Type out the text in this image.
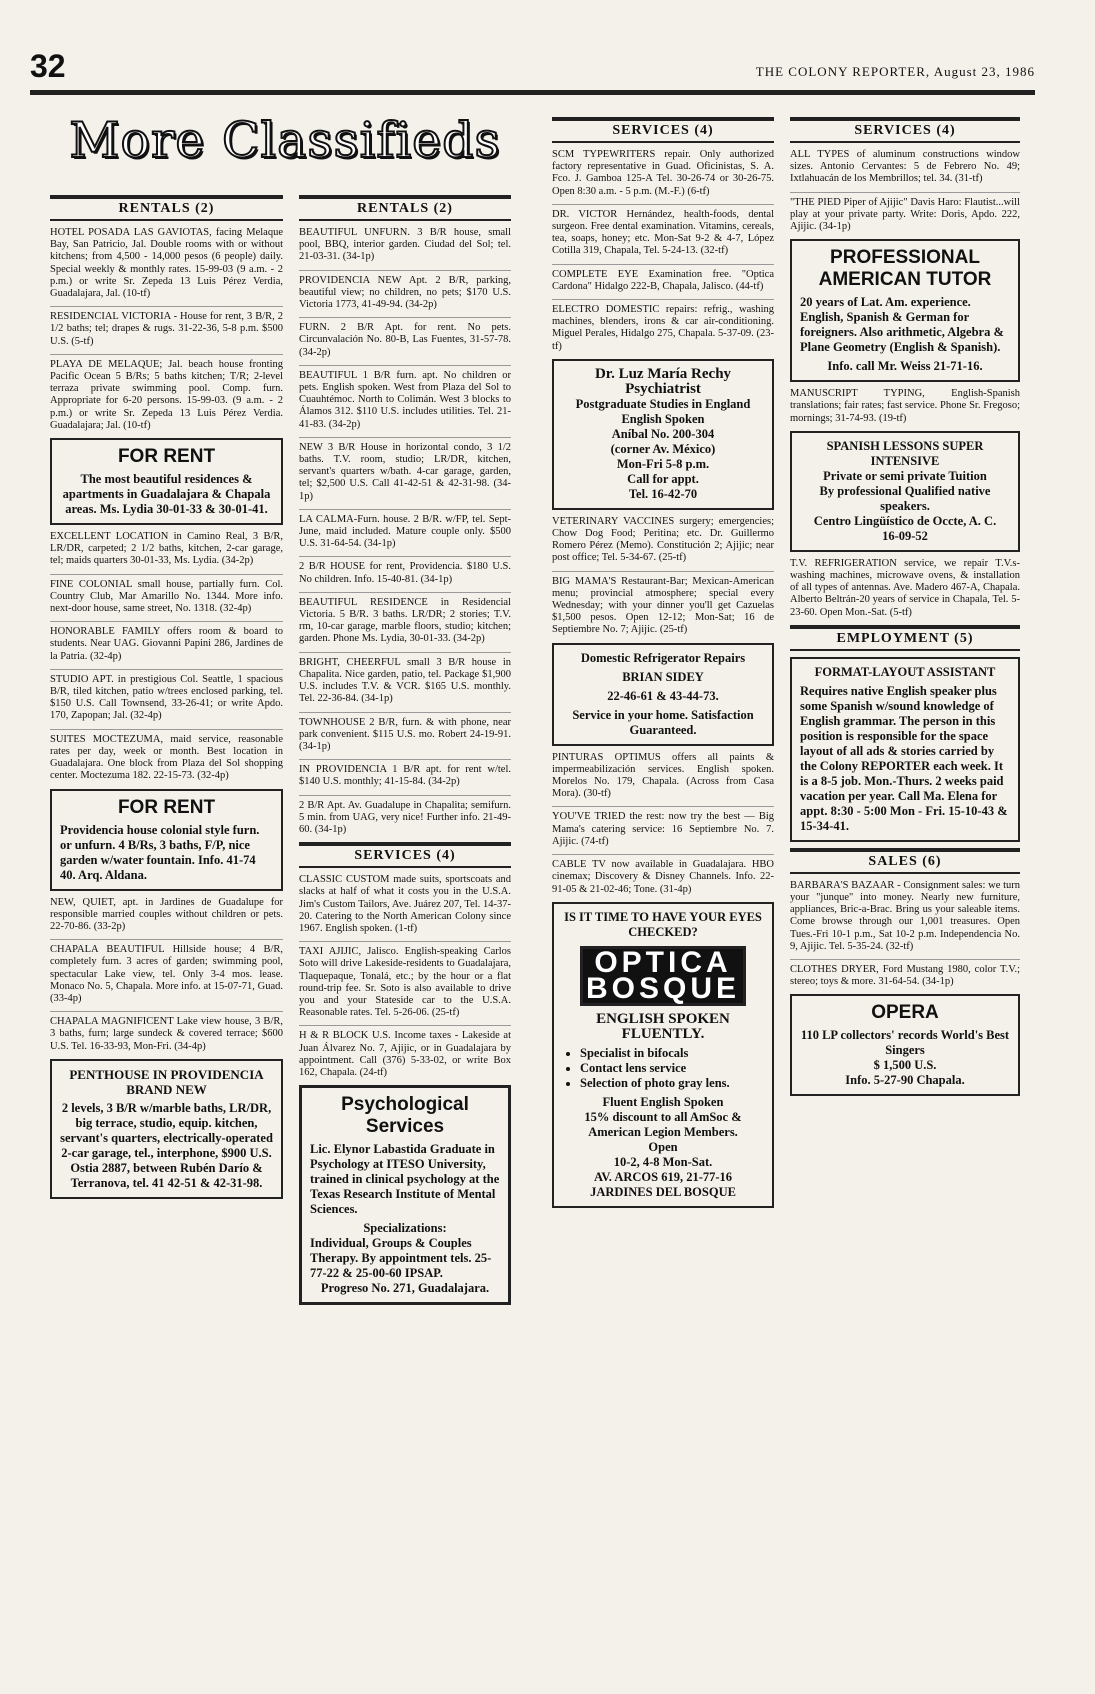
32	THE COLONY REPORTER, August 23, 1986
More Classifieds
RENTALS (2)

HOTEL POSADA LAS GAVIOTAS, facing Melaque Bay, San Patricio, Jal. Double rooms with or without kitchens; from 4,500 - 14,000 pesos (6 people) daily. Special weekly & monthly rates. 15-99-03 (9 a.m. - 2 p.m.) or write Sr. Zepeda 13 Luis Pérez Verdia, Guadalajara, Jal. (10-tf)

RESIDENCIAL VICTORIA - House for rent, 3 B/R, 2 1/2 baths; tel; drapes & rugs. 31-22-36, 5-8 p.m. $500 U.S. (5-tf)

PLAYA DE MELAQUE; Jal. beach house fronting Pacific Ocean 5 B/Rs; 5 baths kitchen; T/R; 2-level terraza private swimming pool. Comp. furn. Appropriate for 6-20 persons. 15-99-03. (9 a.m. - 2 p.m.) or write Sr. Zepeda 13 Luis Pérez Verdia. Guadalajara; Jal. (10-tf)

FOR RENT
The most beautiful residences & apartments in Guadalajara & Chapala areas. Ms. Lydia 30-01-33 & 30-01-41.

EXCELLENT LOCATION in Camino Real, 3 B/R, LR/DR, carpeted; 2 1/2 baths, kitchen, 2-car garage, tel; maids quarters 30-01-33, Ms. Lydia. (34-2p)

FINE COLONIAL small house, partially furn. Col. Country Club, Mar Amarillo No. 1344. More info. next-door house, same street, No. 1318. (32-4p)

HONORABLE FAMILY offers room & board to students. Near UAG. Giovanni Papini 286, Jardines de la Patria. (32-4p)

STUDIO APT. in prestigious Col. Seattle, 1 spacious B/R, tiled kitchen, patio w/trees enclosed parking, tel. $150 U.S. Call Townsend, 33-26-41; or write Apdo. 170, Zapopan; Jal. (32-4p)

SUITES MOCTEZUMA, maid service, reasonable rates per day, week or month. Best location in Guadalajara. One block from Plaza del Sol shopping center. Moctezuma 182. 22-15-73. (32-4p)

FOR RENT
Providencia house colonial style furn. or unfurn. 4 B/Rs, 3 baths, F/P, nice garden w/water fountain. Info. 41-74 40. Arq. Aldana.

NEW, QUIET, apt. in Jardines de Guadalupe for responsible married couples without children or pets. 22-70-86. (33-2p)

CHAPALA BEAUTIFUL Hillside house; 4 B/R, completely furn. 3 acres of garden; swimming pool, spectacular Lake view, tel. Only 3-4 mos. lease. Monaco No. 5, Chapala. More info. at 15-07-71, Guad. (33-4p)

CHAPALA MAGNIFICENT Lake view house, 3 B/R, 3 baths, furn; large sundeck & covered terrace; $600 U.S. Tel. 16-33-93, Mon-Fri. (34-4p)

PENTHOUSE IN PROVIDENCIA BRAND NEW
2 levels, 3 B/R w/marble baths, LR/DR, big terrace, studio, equip. kitchen, servant's quarters, electrically-operated 2-car garage, tel., interphone, $900 U.S. Ostia 2887, between Rubén Darío & Terranova, tel. 41 42-51 & 42-31-98.
RENTALS (2)

BEAUTIFUL UNFURN. 3 B/R house, small pool, BBQ, interior garden. Ciudad del Sol; tel. 21-03-31. (34-1p)

PROVIDENCIA NEW Apt. 2 B/R, parking, beautiful view; no children, no pets; $170 U.S. Victoria 1773, 41-49-94. (34-2p)

FURN. 2 B/R Apt. for rent. No pets. Circunvalación No. 80-B, Las Fuentes, 31-57-78. (34-2p)

BEAUTIFUL 1 B/R furn. apt. No children or pets. English spoken. West from Plaza del Sol to Cuauhtémoc. North to Colimán. West 3 blocks to Álamos 312. $110 U.S. includes utilities. Tel. 21-41-83. (34-2p)

NEW 3 B/R House in horizontal condo, 3 1/2 baths. T.V. room, studio; LR/DR, kitchen, servant's quarters w/bath. 4-car garage, garden, tel; $2,500 U.S. Call 41-42-51 & 42-31-98. (34-1p)

LA CALMA-Furn. house. 2 B/R. w/FP, tel. Sept-June, maid included. Mature couple only. $500 U.S. 31-64-54. (34-1p)

2 B/R HOUSE for rent, Providencia. $180 U.S. No children. Info. 15-40-81. (34-1p)

BEAUTIFUL RESIDENCE in Residencial Victoria. 5 B/R. 3 baths. LR/DR; 2 stories; T.V. rm, 10-car garage, marble floors, studio; kitchen; garden. Phone Ms. Lydia, 30-01-33. (34-2p)

BRIGHT, CHEERFUL small 3 B/R house in Chapalita. Nice garden, patio, tel. Package $1,900 U.S. includes T.V. & VCR. $165 U.S. monthly. Tel. 22-36-84. (34-1p)

TOWNHOUSE 2 B/R, furn. & with phone, near park convenient. $115 U.S. mo. Robert 24-19-91. (34-1p)

IN PROVIDENCIA 1 B/R apt. for rent w/tel. $140 U.S. monthly; 41-15-84. (34-2p)

2 B/R Apt. Av. Guadalupe in Chapalita; semifurn. 5 min. from UAG, very nice! Further info. 21-49-60. (34-1p)

SERVICES (4)

CLASSIC CUSTOM made suits, sportscoats and slacks at half of what it costs you in the U.S.A. Jim's Custom Tailors, Ave. Juárez 207, Tel. 14-37-20. Catering to the North American Colony since 1967. English spoken. (1-tf)

TAXI AJIJIC, Jalisco. English-speaking Carlos Soto will drive Lakeside-residents to Guadalajara, Tlaquepaque, Tonalá, etc.; by the hour or a flat round-trip fee. Sr. Soto is also available to drive you and your Stateside car to the U.S.A. Reasonable rates. Tel. 5-26-06. (25-tf)

H & R BLOCK U.S. Income taxes - Lakeside at Juan Álvarez No. 7, Ajijic, or in Guadalajara by appointment. Call (376) 5-33-02, or write Box 162, Chapala. (24-tf)

Psychological Services
Lic. Elynor Labastida Graduate in Psychology at ITESO University, trained in clinical psychology at the Texas Research Institute of Mental Sciences.
Specializations:
Individual, Groups & Couples Therapy. By appointment tels. 25-77-22 & 25-00-60 IPSAP.
Progreso No. 271, Guadalajara.
SERVICES (4)

SCM TYPEWRITERS repair. Only authorized factory representative in Guad. Oficinistas, S. A. Fco. J. Gamboa 125-A Tel. 30-26-74 or 30-26-75. Open 8:30 a.m. - 5 p.m. (M.-F.) (6-tf)

DR. VICTOR Hernández, health-foods, dental surgeon. Free dental examination. Vitamins, cereals, tea, soaps, honey; etc. Mon-Sat 9-2 & 4-7, López Cotilla 319, Chapala, Tel. 5-24-13. (32-tf)

COMPLETE EYE Examination free. "Optica Cardona" Hidalgo 222-B, Chapala, Jalisco. (44-tf)

ELECTRO DOMESTIC repairs: refrig., washing machines, blenders, irons & car air-conditioning. Miguel Perales, Hidalgo 275, Chapala. 5-37-09. (23-tf)

Dr. Luz María Rechy Psychiatrist
Postgraduate Studies in England
English Spoken
Aníbal No. 200-304
(corner Av. México)
Mon-Fri 5-8 p.m.
Call for appt.
Tel. 16-42-70

VETERINARY VACCINES surgery; emergencies; Chow Dog Food; Peritina; etc. Dr. Guillermo Romero Pérez (Memo). Constitución 2; Ajijic; near post office; Tel. 5-34-67. (25-tf)

BIG MAMA'S Restaurant-Bar; Mexican-American menu; provincial atmosphere; special every Wednesday; with your dinner you'll get Cazuelas $1,500 pesos. Open 12-12; Mon-Sat; 16 de Septiembre No. 7; Ajijic. (25-tf)

Domestic Refrigerator Repairs
BRIAN SIDEY
22-46-61 & 43-44-73.
Service in your home. Satisfaction Guaranteed.

PINTURAS OPTIMUS offers all paints & impermeabilización services. English spoken. Morelos No. 179, Chapala. (Across from Casa Mora). (30-tf)

YOU'VE TRIED the rest: now try the best — Big Mama's catering service: 16 Septiembre No. 7. Ajijic. (74-tf)

CABLE TV now available in Guadalajara. HBO cinemax; Discovery & Disney Channels. Info. 22-91-05 & 21-02-46; Tone. (31-4p)

IS IT TIME TO HAVE YOUR EYES CHECKED?
OPTICA
BOSQUE
ENGLISH SPOKEN FLUENTLY.
• Specialist in bifocals
• Contact lens service
• Selection of photo gray lens.
Fluent English Spoken
15% discount to all AmSoc & American Legion Members.
Open
10-2, 4-8 Mon-Sat.
AV. ARCOS 619, 21-77-16
JARDINES DEL BOSQUE
SERVICES (4)

ALL TYPES of aluminum constructions window sizes. Antonio Cervantes: 5 de Febrero No. 49; Ixtlahuacán de los Membrillos; tel. 34. (31-tf)

"THE PIED Piper of Ajijic" Davis Haro: Flautist...will play at your private party. Write: Doris, Apdo. 222, Ajijic. (34-1p)

PROFESSIONAL AMERICAN TUTOR
20 years of Lat. Am. experience. English, Spanish & German for foreigners. Also arithmetic, Algebra & Plane Geometry (English & Spanish).
Info. call Mr. Weiss 21-71-16.

MANUSCRIPT TYPING, English-Spanish translations; fair rates; fast service. Phone Sr. Fregoso; mornings; 31-74-93. (19-tf)

SPANISH LESSONS SUPER INTENSIVE
Private or semi private Tuition
By professional Qualified native speakers.
Centro Lingüístico de Occte, A. C.
16-09-52

T.V. REFRIGERATION service, we repair T.V.s-washing machines, microwave ovens, & installation of all types of antennas. Ave. Madero 467-A, Chapala. Alberto Beltrán-20 years of service in Chapala, Tel. 5-23-60. Open Mon.-Sat. (5-tf)

EMPLOYMENT (5)
FORMAT-LAYOUT ASSISTANT
Requires native English speaker plus some Spanish w/sound knowledge of English grammar. The person in this position is responsible for the space layout of all ads & stories carried by the Colony REPORTER each week. It is a 8-5 job. Mon.-Thurs. 2 weeks paid vacation per year. Call Ma. Elena for appt. 8:30 - 5:00 Mon - Fri. 15-10-43 & 15-34-41.
SALES (6)

BARBARA'S BAZAAR - Consignment sales: we turn your "junque" into money. Nearly new furniture, appliances, Bric-a-Brac. Bring us your saleable items. Come browse through our 1,001 treasures. Open Tues.-Fri 10-1 p.m., Sat 10-2 p.m. Independencia No. 9, Ajijic. Tel. 5-35-24. (32-tf)

CLOTHES DRYER, Ford Mustang 1980, color T.V.; stereo; toys & more. 31-64-54. (34-1p)

OPERA
110 LP collectors' records World's Best Singers
$ 1,500 U.S.
Info. 5-27-90 Chapala.
